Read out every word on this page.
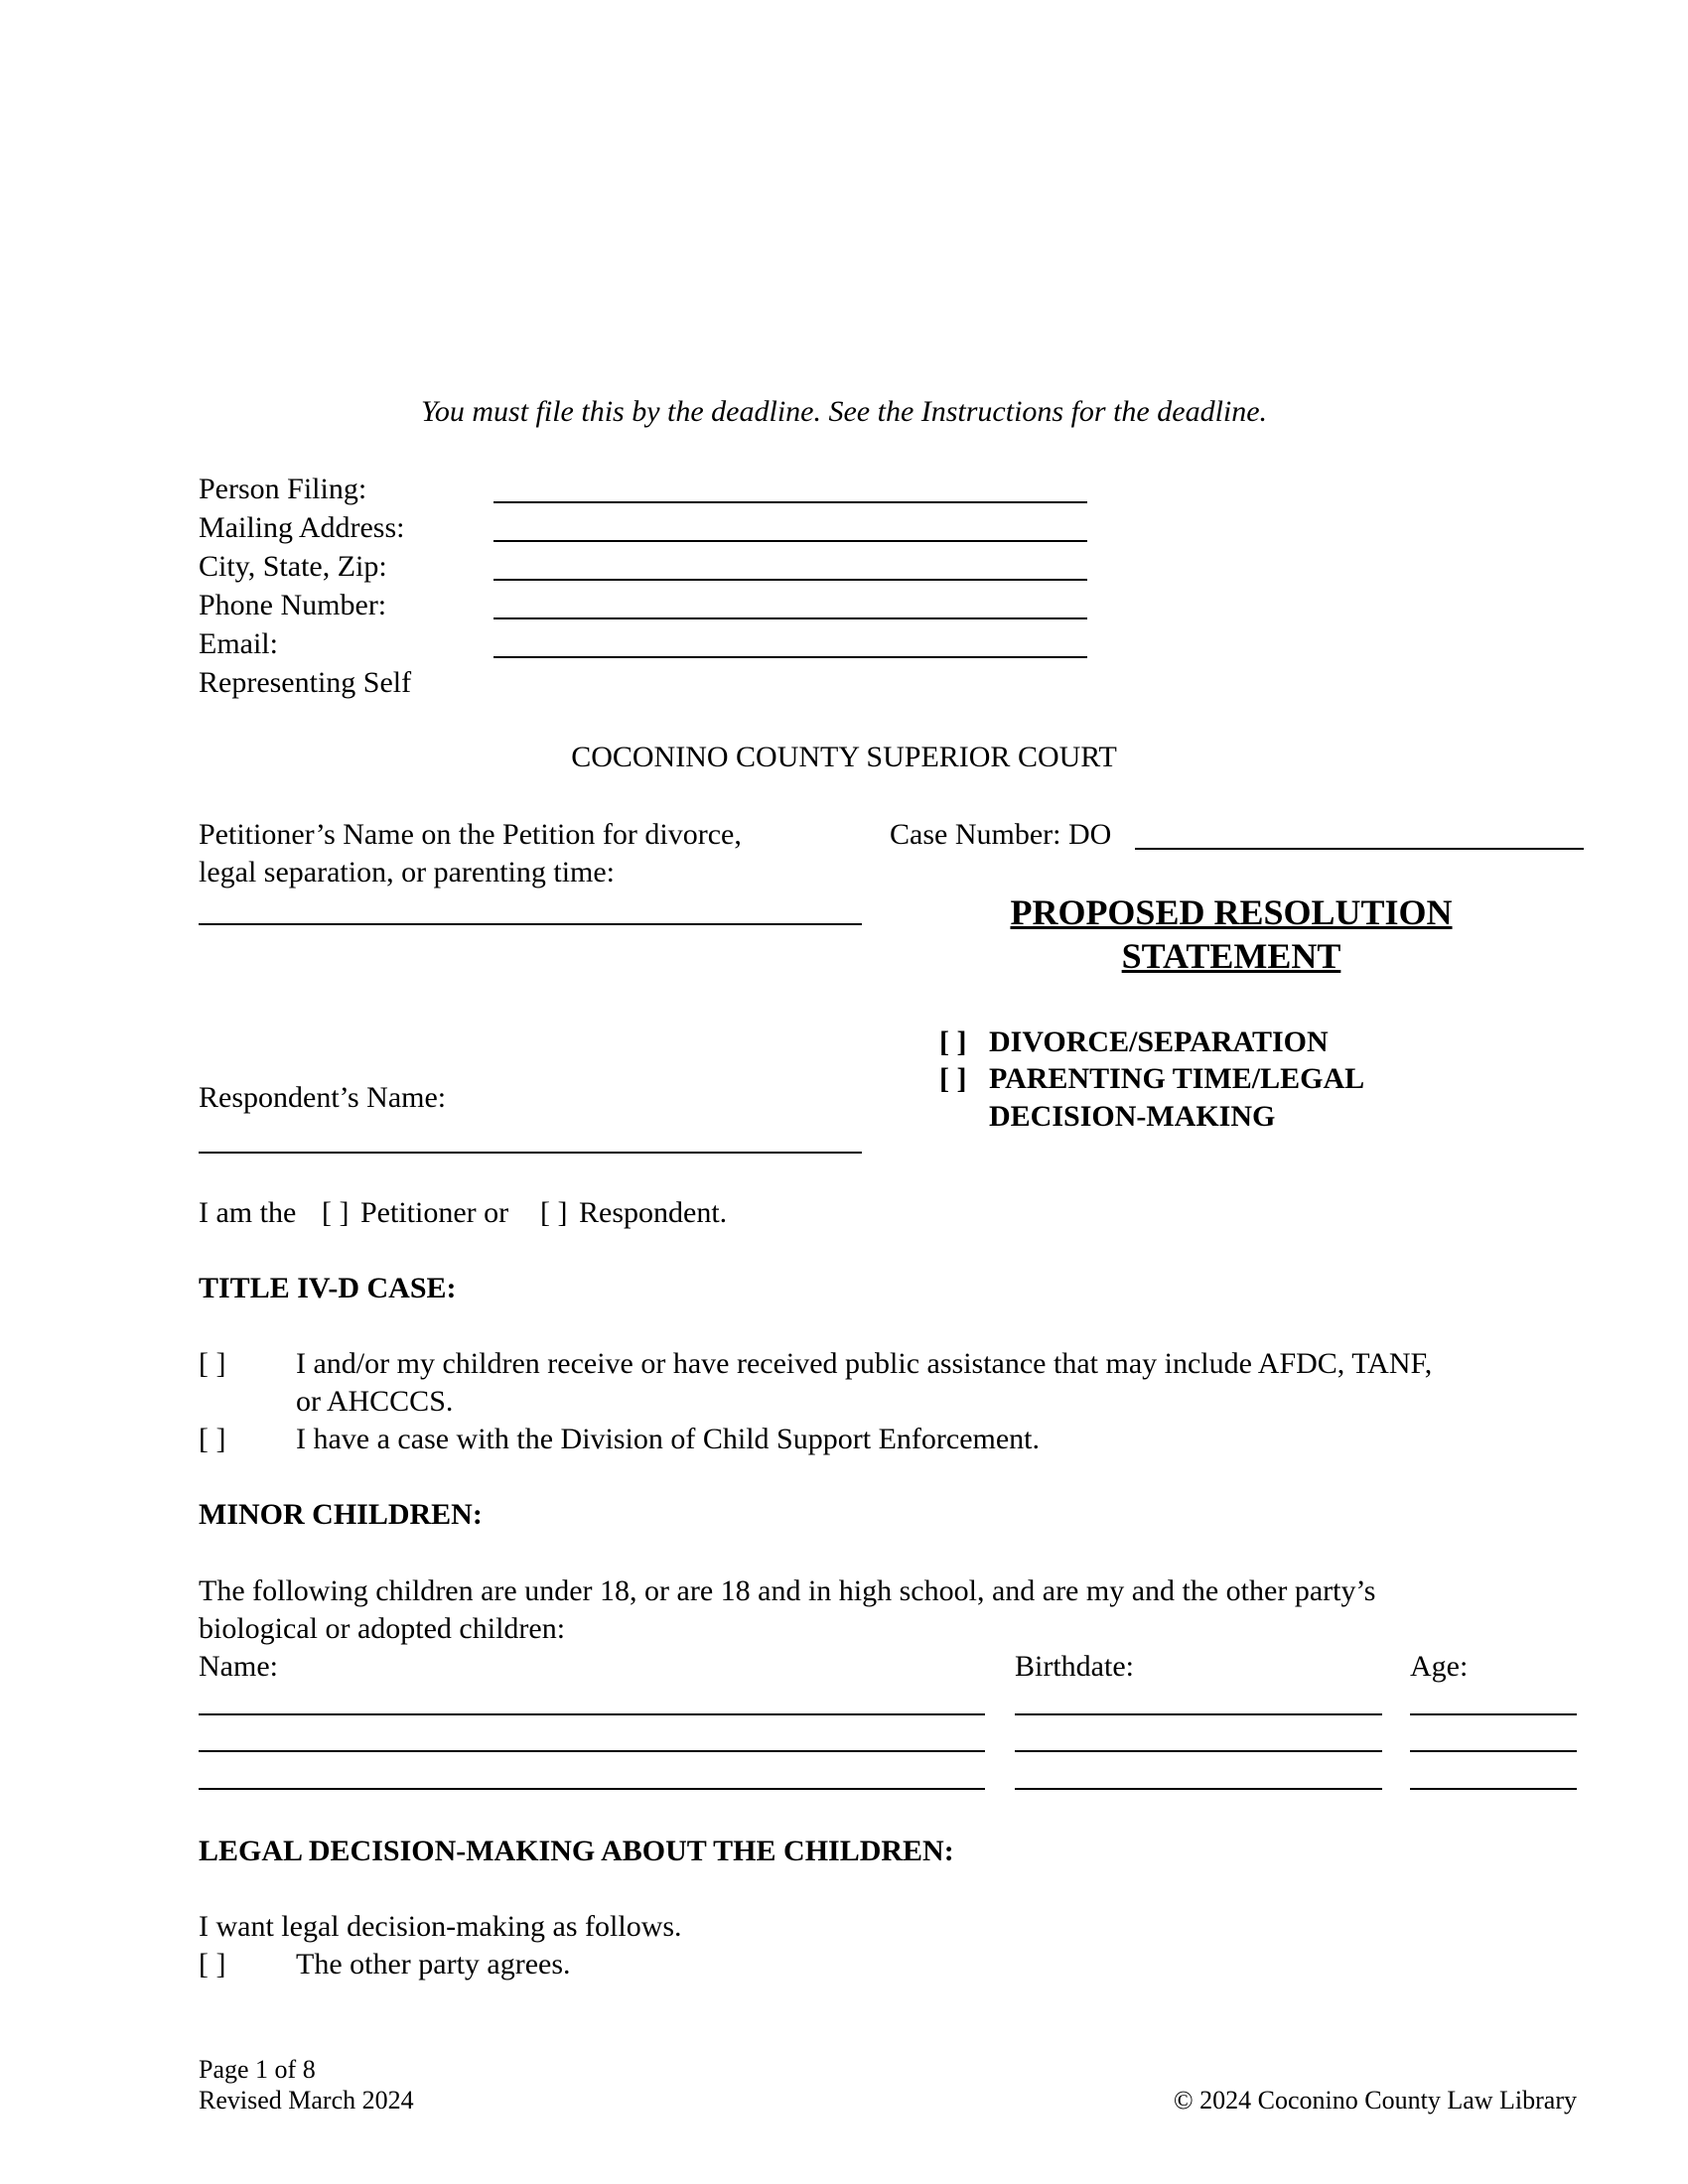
You must file this by the deadline. See the Instructions for the deadline.
Person Filing:
Mailing Address:
City, State, Zip:
Phone Number:
Email:
Representing Self
COCONINO COUNTY SUPERIOR COURT
Petitioner’s Name on the Petition for divorce,
legal separation, or parenting time:
Respondent’s Name:
Case Number: DO
PROPOSED RESOLUTION
STATEMENT
[ ] DIVORCE/SEPARATION
[ ] PARENTING TIME/LEGAL
DECISION-MAKING
I am the [ ] Petitioner or [ ] Respondent.
TITLE IV-D CASE:
[ ] I and/or my children receive or have received public assistance that may include AFDC, TANF,
or AHCCCS.
[ ] I have a case with the Division of Child Support Enforcement.
MINOR CHILDREN:
The following children are under 18, or are 18 and in high school, and are my and the other party’s
biological or adopted children:
Name:	Birthdate:	Age:
LEGAL DECISION-MAKING ABOUT THE CHILDREN:
I want legal decision-making as follows.
[ ] The other party agrees.
Page 1 of 8
Revised March 2024	© 2024 Coconino County Law Library
